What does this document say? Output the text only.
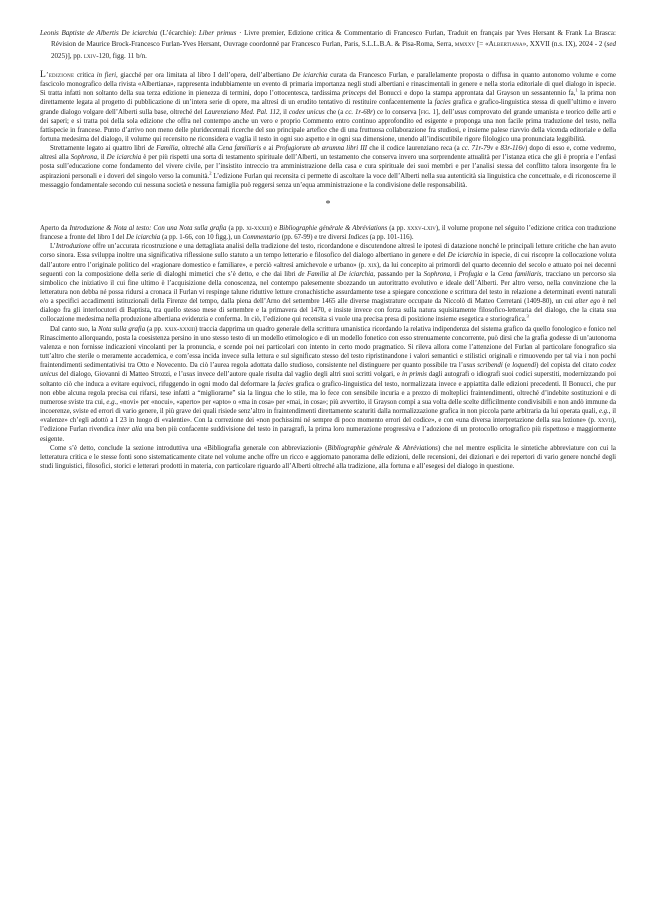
Leonis Baptiste de Albertis De iciarchia (L’écarchie): Liber primus · Livre premier, Edizione critica & Commentario di Francesco Furlan, Traduit en français par Yves Hersant & Frank La Brasca: Révision de Maurice Brock-Francesco Furlan-Yves Hersant, Ouvrage coordonné par Francesco Furlan, Paris, S.L.L.B.A. & Pisa-Roma, Serra, mmxxv [= «Albertiana», XXVII (n.s. IX), 2024 - 2 (sed 2025)], pp. lxiv-120, figg. 11 b/n.

L’edizione critica in fieri, giacché per ora limitata al libro I dell’opera, dell’albertiano De iciarchia curata da Francesco Furlan, e parallelamente proposta o diffusa in quanto autonomo volume e come fascicolo monografico della rivista «Albertiana», rappresenta indubbiamente un evento di primaria importanza negli studi albertiani e rinascimentali in genere e nella storia editoriale di quel dialogo in ispecie. Si tratta infatti non soltanto della sua terza edizione in pienezza di termini, dopo l’ottocentesca, tardissima princeps del Bonucci e dopo la stampa approntata dal Grayson un sessantennio fa,$^1$ la prima non direttamente legata al progetto di pubblicazione di un’intera serie di opere, ma altresì di un erudito tentativo di restituire confacentemente la facies grafica e grafico-linguistica stessa di quell’ultimo e invero grande dialogo volgare dell’Alberti sulla base, oltreché del Laurenziano Med. Pal. 112, il codex unicus che (a cc. 1r-68r) ce lo conserva [fig. 1], dell’usus comprovato del grande umanista e teorico delle arti e dei saperi; e si tratta poi della sola edizione che offra nel contempo anche un vero e proprio Commento entro continuo approfondito ed esigente e proponga una non facile prima traduzione del testo, nella fattispecie in francese. Punto d’arrivo non meno delle pluridecennali ricerche del suo principale artefice che di una fruttuosa collaborazione fra studiosi, e insieme palese riavvio della vicenda editoriale e della fortuna medesima del dialogo, il volume qui recensito ne riconsidera e vaglia il testo in ogni suo aspetto e in ogni sua dimensione, unendo all’indiscutibile rigore filologico una pronunciata leggibilità.

Strettamente legato ai quattro libri de Familia, oltreché alla Cena familiaris e ai Profugiorum ab ærumna libri III che il codice laurenziano reca (a cc. 71r-79v e 83r-116v) dopo di esso e, come vedremo, altresì alla Sophrona, il De iciarchia è per più rispetti una sorta di testamento spirituale dell’Alberti, un testamento che conserva invero una sorprendente attualità per l’istanza etica che gli è propria e l’enfasi posta sull’educazione come fondamento del vivere civile, per l’insistito intreccio tra amministrazione della casa e cura spirituale dei suoi membri e per l’analisi stessa del conflitto talora insorgente fra le aspirazioni personali e i doveri del singolo verso la comunità.$^2$ L’edizione Furlan qui recensita ci permette di ascoltare la voce dell’Alberti nella sua autenticità sia linguistica che concettuale, e di riconoscerne il messaggio fondamentale secondo cui nessuna società e nessuna famiglia può reggersi senza un’equa amministrazione e la condivisione delle responsabilità.

*

Aperto da Introduzione & Nota al testo: Con una Nota sulla grafia (a pp. xi-xxxiii) e Bibliographie générale & Abréviations (a pp. xxxv-lxiv), il volume propone nel séguito l’edizione critica con traduzione francese a fronte del libro I del De iciarchia (a pp. 1-66, con 10 figg.), un Commentario (pp. 67-99) e tre diversi Indices (a pp. 101-116).

L’Introduzione offre un’accurata ricostruzione e una dettagliata analisi della tradizione del testo, ricordandone e discutendone altresì le ipotesi di datazione nonché le principali letture critiche che han avuto corso sinora. Essa sviluppa inoltre una significativa riflessione sullo statuto a un tempo letterario e filosofico del dialogo albertiano in genere e del De iciarchia in ispecie, di cui riscopre la collocazione voluta dall’autore entro l’originale politico del «ragionare domestico e familiare», e perciò «altresì amichevole e urbano» (p. xix), da lui concepito ai primordi del quarto decennio del secolo e attuato poi nei decenni seguenti con la composizione della serie di dialoghi mimetici che s’è detto, e che dai libri de Familia al De iciarchia, passando per la Sophrona, i Profugia e la Cena familiaris, tracciano un percorso sia simbolico che iniziativo il cui fine ultimo è l’acquisizione della conoscenza, nel contempo palesemente sbozzando un autoritratto evolutivo e ideale dell’Alberti. Per altro verso, nella convinzione che la letteratura non debba né possa ridursi a cronaca il Furlan vi respinge talune riduttive letture cronachistiche assurdamente tese a spiegare concezione e scrittura del testo in relazione a determinati eventi naturali e/o a specifici accadimenti istituzionali della Firenze del tempo, dalla piena dell’Arno del settembre 1465 alle diverse magistrature occupate da Niccolò di Matteo Cerretani (1409-80), un cui alter ego è nel dialogo fra gli interlocutori di Baptista, tra quello stesso mese di settembre e la primavera del 1470, e insiste invece con forza sulla natura squisitamente filosofico-letteraria del dialogo, che la citata sua collocazione medesima nella produzione albertiana evidenzia e conferma. In ciò, l’edizione qui recensita si vuole una precisa presa di posizione insieme esegetica e storiografica.$^3$

Dal canto suo, la Nota sulla grafia (a pp. xxix-xxxiii) traccia dapprima un quadro generale della scrittura umanistica ricordando la relativa indipendenza del sistema grafico da quello fonologico e fonico nel Rinascimento allorquando, posta la coesistenza persino in uno stesso testo di un modello etimologico e di un modello fonetico con esso strenuamente concorrente, può dirsi che la grafia godesse di un’autonoma valenza e non fornisse indicazioni vincolanti per la pronuncia, e scende poi nei particolari con intento in certo modo pragmatico. Si rileva allora come l’attenzione del Furlan al particolare fonografico sia tutt’altro che sterile o meramente accademica, e com’essa incida invece sulla lettura e sul significato stesso del testo ripristinandone i valori semantici e stilistici originali e rimuovendo per tal via i non pochi fraintendimenti sedimentativisi tra Otto e Novecento. Da ciò l’aurea regola adottata dallo studioso, consistente nel distinguere per quanto possibile tra l’usus scribendi (e loquendi) del copista del citato codex unicus del dialogo, Giovanni di Matteo Strozzi, e l’usus invece dell’autore quale risulta dal vaglio degli altri suoi scritti volgari, e in primis dagli autografi o idiografi suoi codici superstiti, modernizzando poi soltanto ciò che induca a evitare equivoci, rifuggendo in ogni modo dal deformare la facies grafica o grafico-linguistica del testo, normalizzata invece e appiattita dalle edizioni precedenti. Il Bonucci, che pur non ebbe alcuna regola precisa cui rifarsi, tese infatti a “migliorarne” sia la lingua che lo stile, ma lo fece con sensibile incuria e a prezzo di molteplici fraintendimenti, oltreché d’indebite sostituzioni e di numerose sviste tra cui, e.g., «novi» per «nocui», «aperto» per «apto» o «ma in cosa» per «mai, in cosa»; più avvertito, il Grayson compì a sua volta delle scelte difficilmente condivisibili e non andò immune da incoerenze, sviste ed errori di vario genere, il più grave dei quali risiede senz’altro in fraintendimenti direttamente scaturiti dalla normalizzazione grafica in non piccola parte arbitraria da lui operata quali, e.g., il «valenze» ch’egli adottò a I 23 in luogo di «valentie». Con la correzione dei «non pochissimi né sempre di poco momento errori del codice», e con «una diversa interpretazione della sua lezione» (p. xxvii), l’edizione Furlan rivendica inter alia una ben più confacente suddivisione del testo in paragrafi, la prima loro numerazione progressiva e l’adozione di un protocollo ortografico più rispettoso e maggiormente esigente.

Come s’è detto, conclude la sezione introduttiva una «Bibliografia generale con abbreviazioni» (Bibliographie générale & Abréviations) che nel mentre esplicita le sintetiche abbreviature con cui la letteratura critica e le stesse fonti sono sistematicamente citate nel volume anche offre un ricco e aggiornato panorama delle edizioni, delle recensioni, dei dizionari e dei repertori di vario genere nonché degli studi linguistici, filosofici, storici e letterari prodotti in materia, con particolare riguardo all’Alberti oltreché alla tradizione, alla fortuna e all’esegesi del dialogo in questione.
